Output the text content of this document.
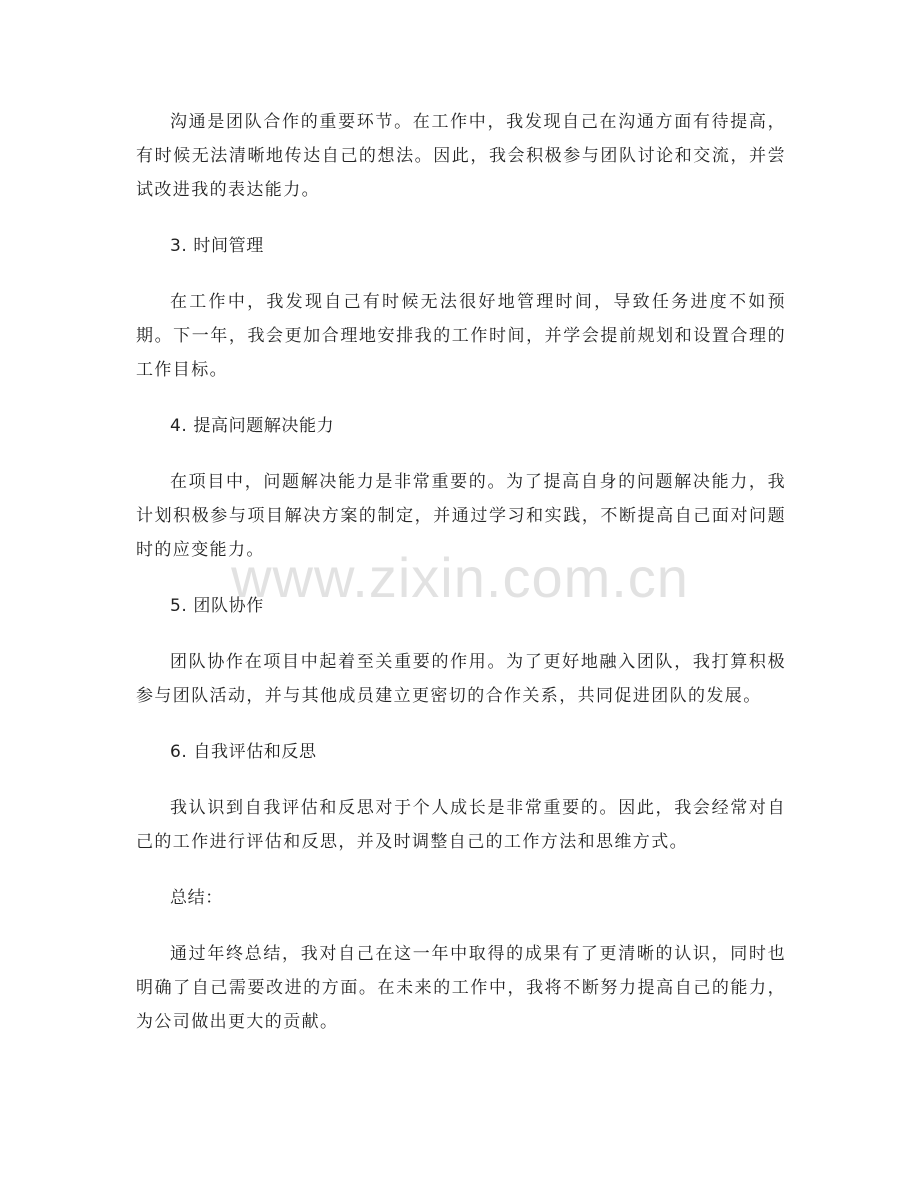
沟通是团队合作的重要环节。在工作中，我发现自己在沟通方面有待提高，有时候无法清晰地传达自己的想法。因此，我会积极参与团队讨论和交流，并尝试改进我的表达能力。

3. 时间管理

在工作中，我发现自己有时候无法很好地管理时间，导致任务进度不如预期。下一年，我会更加合理地安排我的工作时间，并学会提前规划和设置合理的工作目标。

4. 提高问题解决能力

在项目中，问题解决能力是非常重要的。为了提高自身的问题解决能力，我计划积极参与项目解决方案的制定，并通过学习和实践，不断提高自己面对问题时的应变能力。

5. 团队协作

团队协作在项目中起着至关重要的作用。为了更好地融入团队，我打算积极参与团队活动，并与其他成员建立更密切的合作关系，共同促进团队的发展。

6. 自我评估和反思

我认识到自我评估和反思对于个人成长是非常重要的。因此，我会经常对自己的工作进行评估和反思，并及时调整自己的工作方法和思维方式。

总结：

通过年终总结，我对自己在这一年中取得的成果有了更清晰的认识，同时也明确了自己需要改进的方面。在未来的工作中，我将不断努力提高自己的能力，为公司做出更大的贡献。

www.zixin.com.cn
